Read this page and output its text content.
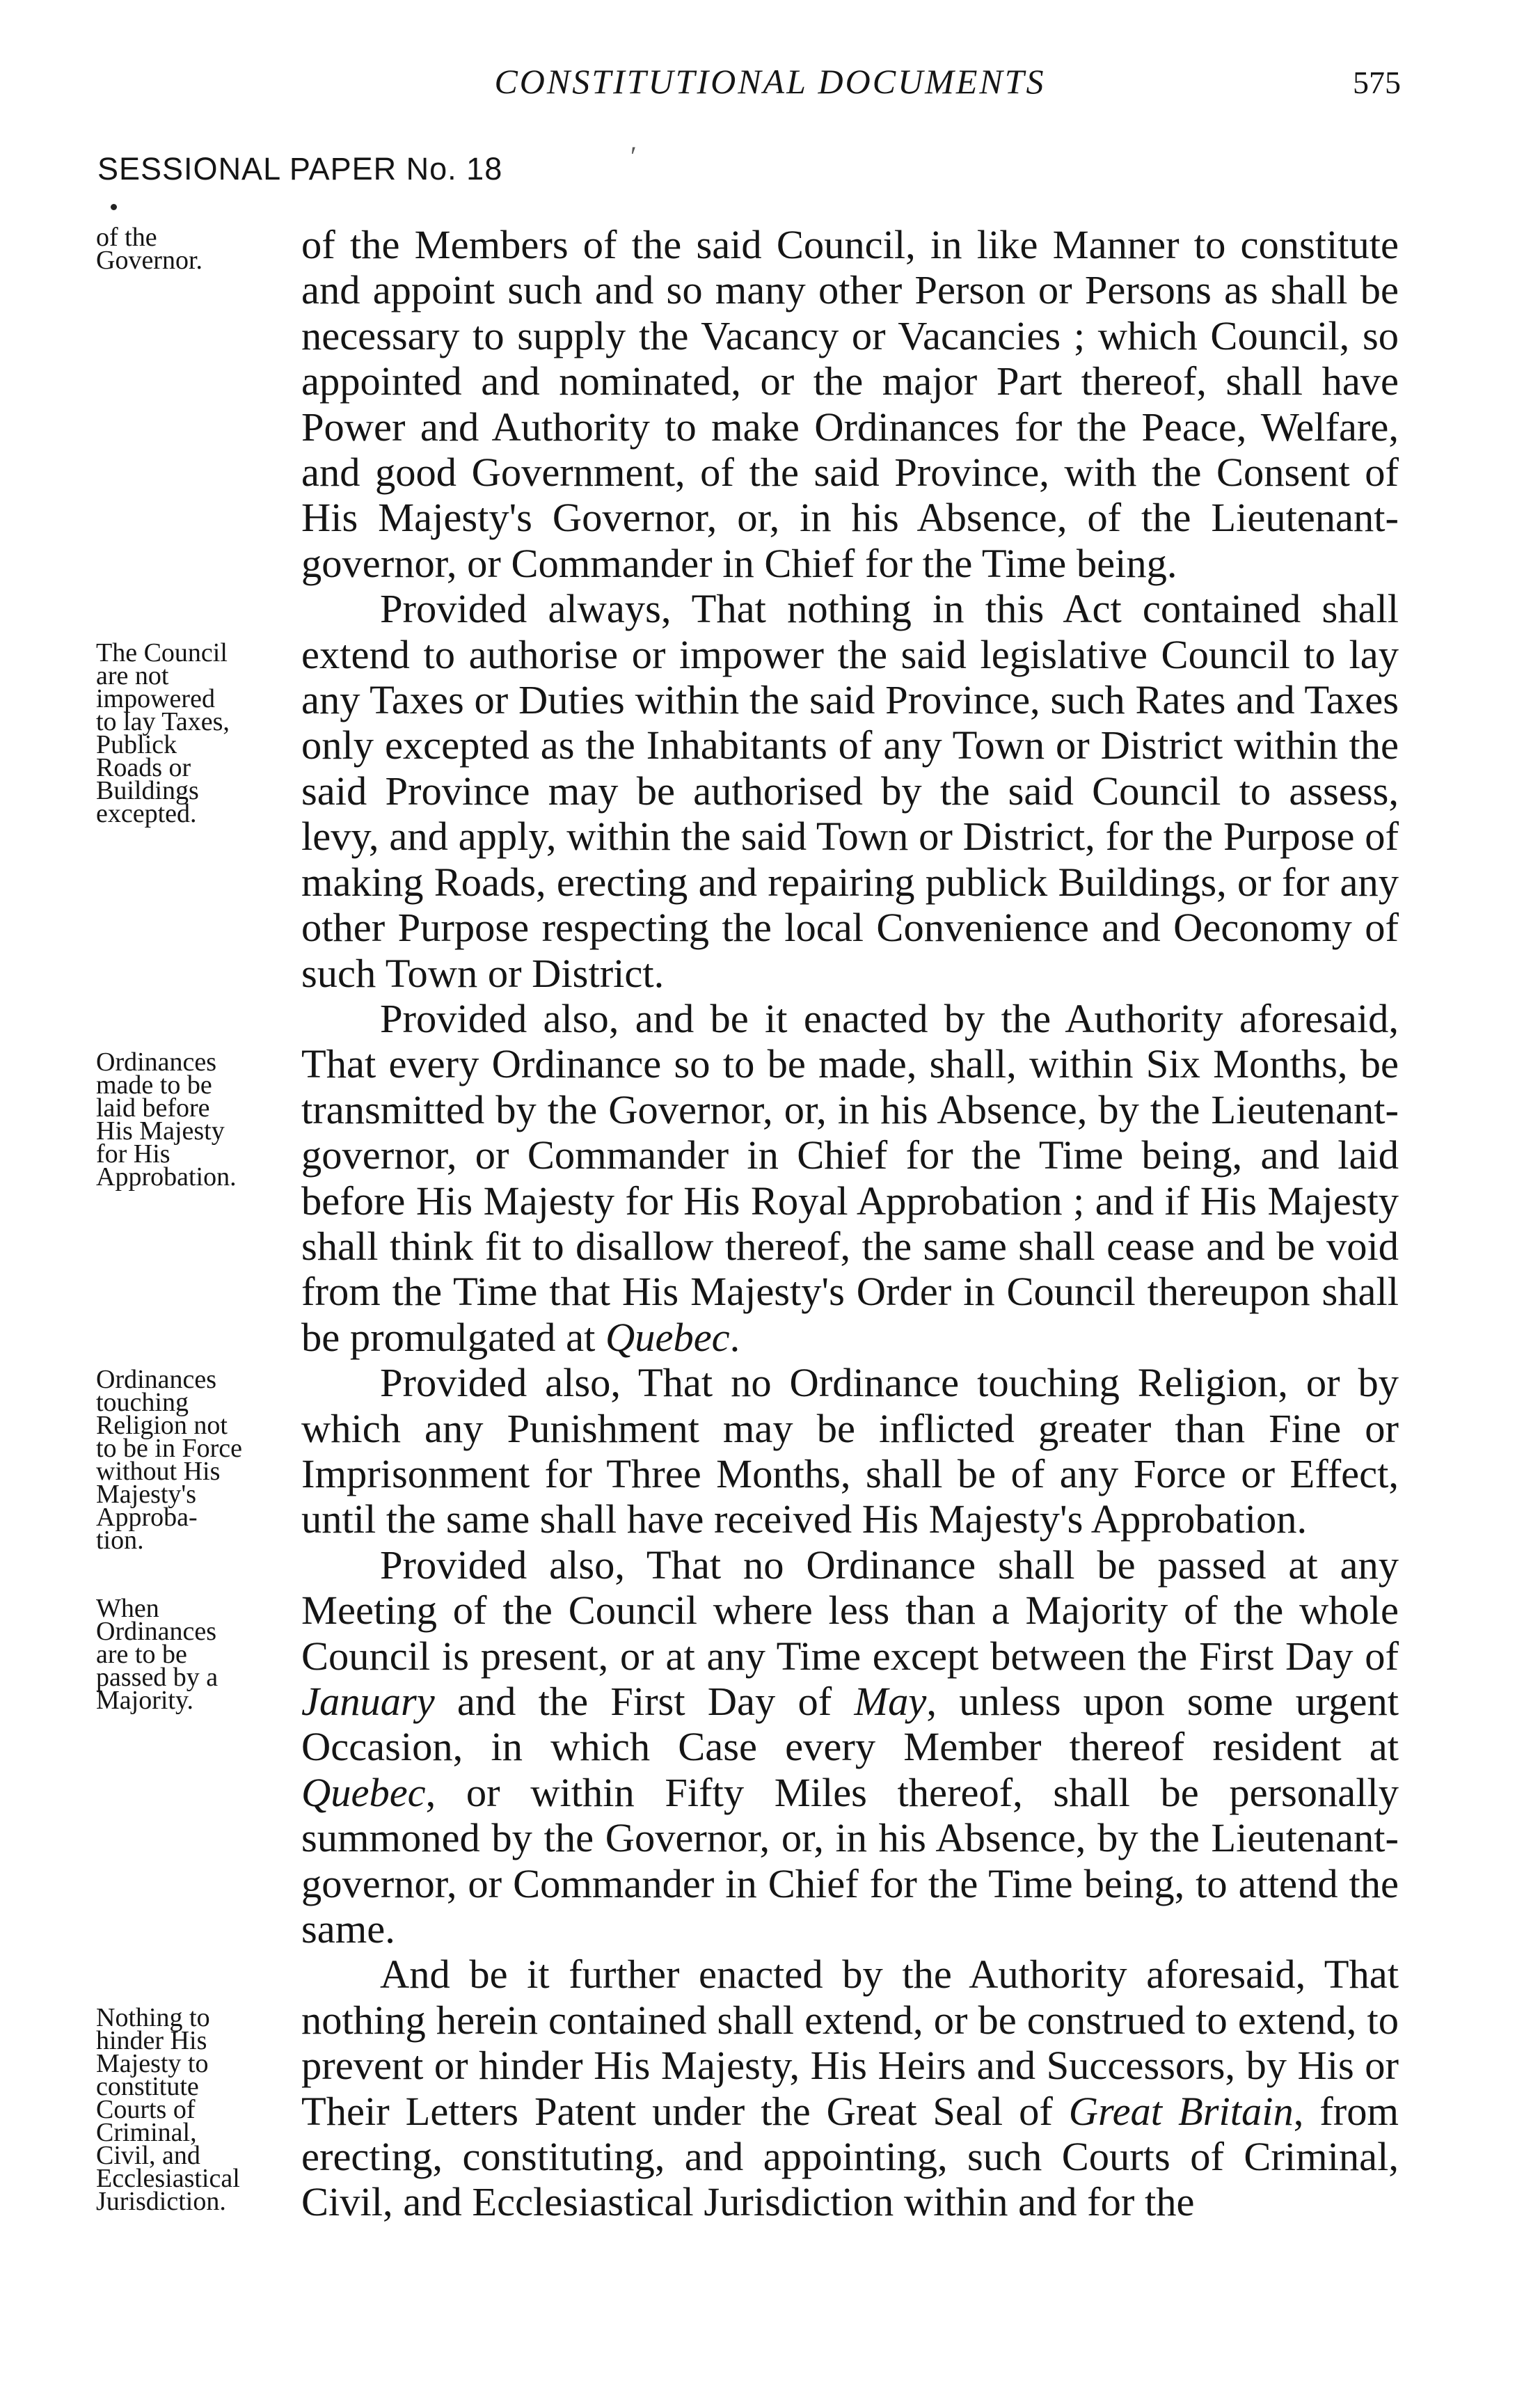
CONSTITUTIONAL DOCUMENTS	575
SESSIONAL PAPER No. 18	′
of the
Governor.
The Council
are not
impowered
to lay Taxes,
Publick
Roads or
Buildings
excepted.
Ordinances
made to be
laid before
His Majesty
for His
Approbation.
Ordinances
touching
Religion not
to be in Force
without His
Majesty's
Approba-
tion.
When
Ordinances
are to be
passed by a
Majority.
Nothing to
hinder His
Majesty to
constitute
Courts of
Criminal,
Civil, and
Ecclesiastical
Jurisdiction.

of the Members of the said Council, in like Manner to constitute and appoint such and so many other Person or Persons as shall be necessary to supply the Vacancy or Vacancies ; which Council, so appointed and nominated, or the major Part thereof, shall have Power and Authority to make Ordinances for the Peace, Welfare, and good Government, of the said Province, with the Consent of His Majesty's Governor, or, in his Absence, of the Lieutenant-governor, or Commander in Chief for the Time being.

Provided always, That nothing in this Act contained shall extend to authorise or impower the said legislative Council to lay any Taxes or Duties within the said Province, such Rates and Taxes only excepted as the Inhabitants of any Town or District within the said Province may be authorised by the said Council to assess, levy, and apply, within the said Town or District, for the Purpose of making Roads, erecting and repairing publick Buildings, or for any other Purpose respecting the local Convenience and Oeconomy of such Town or District.

Provided also, and be it enacted by the Authority aforesaid, That every Ordinance so to be made, shall, within Six Months, be transmitted by the Governor, or, in his Absence, by the Lieutenant-governor, or Commander in Chief for the Time being, and laid before His Majesty for His Royal Approbation ; and if His Majesty shall think fit to disallow thereof, the same shall cease and be void from the Time that His Majesty's Order in Council thereupon shall be promulgated at Quebec.

Provided also, That no Ordinance touching Religion, or by which any Punishment may be inflicted greater than Fine or Imprisonment for Three Months, shall be of any Force or Effect, until the same shall have received His Majesty's Approbation.

Provided also, That no Ordinance shall be passed at any Meeting of the Council where less than a Majority of the whole Council is present, or at any Time except between the First Day of January and the First Day of May, unless upon some urgent Occasion, in which Case every Member thereof resident at Quebec, or within Fifty Miles thereof, shall be personally summoned by the Governor, or, in his Absence, by the Lieutenant-governor, or Commander in Chief for the Time being, to attend the same.

And be it further enacted by the Authority aforesaid, That nothing herein contained shall extend, or be construed to extend, to prevent or hinder His Majesty, His Heirs and Successors, by His or Their Letters Patent under the Great Seal of Great Britain, from erecting, constituting, and appointing, such Courts of Criminal, Civil, and Ecclesiastical Jurisdiction within and for the
